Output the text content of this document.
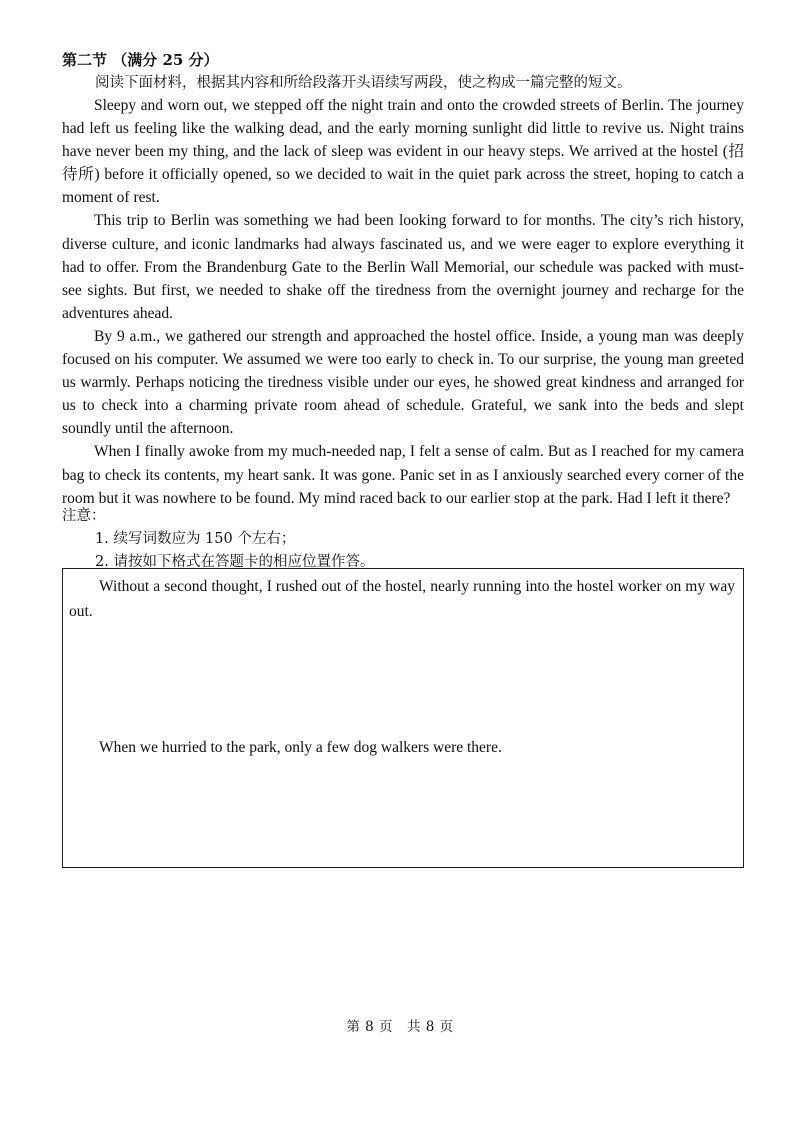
第二节 （满分 25 分）
阅读下面材料，根据其内容和所给段落开头语续写两段，使之构成一篇完整的短文。

Sleepy and worn out, we stepped off the night train and onto the crowded streets of Berlin. The journey had left us feeling like the walking dead, and the early morning sunlight did little to revive us. Night trains have never been my thing, and the lack of sleep was evident in our heavy steps. We arrived at the hostel (招待所) before it officially opened, so we decided to wait in the quiet park across the street, hoping to catch a moment of rest.

This trip to Berlin was something we had been looking forward to for months. The city’s rich history, diverse culture, and iconic landmarks had always fascinated us, and we were eager to explore everything it had to offer. From the Brandenburg Gate to the Berlin Wall Memorial, our schedule was packed with must-see sights. But first, we needed to shake off the tiredness from the overnight journey and recharge for the adventures ahead.

By 9 a.m., we gathered our strength and approached the hostel office. Inside, a young man was deeply focused on his computer. We assumed we were too early to check in. To our surprise, the young man greeted us warmly. Perhaps noticing the tiredness visible under our eyes, he showed great kindness and arranged for us to check into a charming private room ahead of schedule. Grateful, we sank into the beds and slept soundly until the afternoon.

When I finally awoke from my much-needed nap, I felt a sense of calm. But as I reached for my camera bag to check its contents, my heart sank. It was gone. Panic set in as I anxiously searched every corner of the room but it was nowhere to be found. My mind raced back to our earlier stop at the park. Had I left it there?

注意：
1. 续写词数应为 150 个左右；
2. 请按如下格式在答题卡的相应位置作答。
Without a second thought, I rushed out of the hostel, nearly running into the hostel worker on my way out.
When we hurried to the park, only a few dog walkers were there.
第 8 页　共 8 页
